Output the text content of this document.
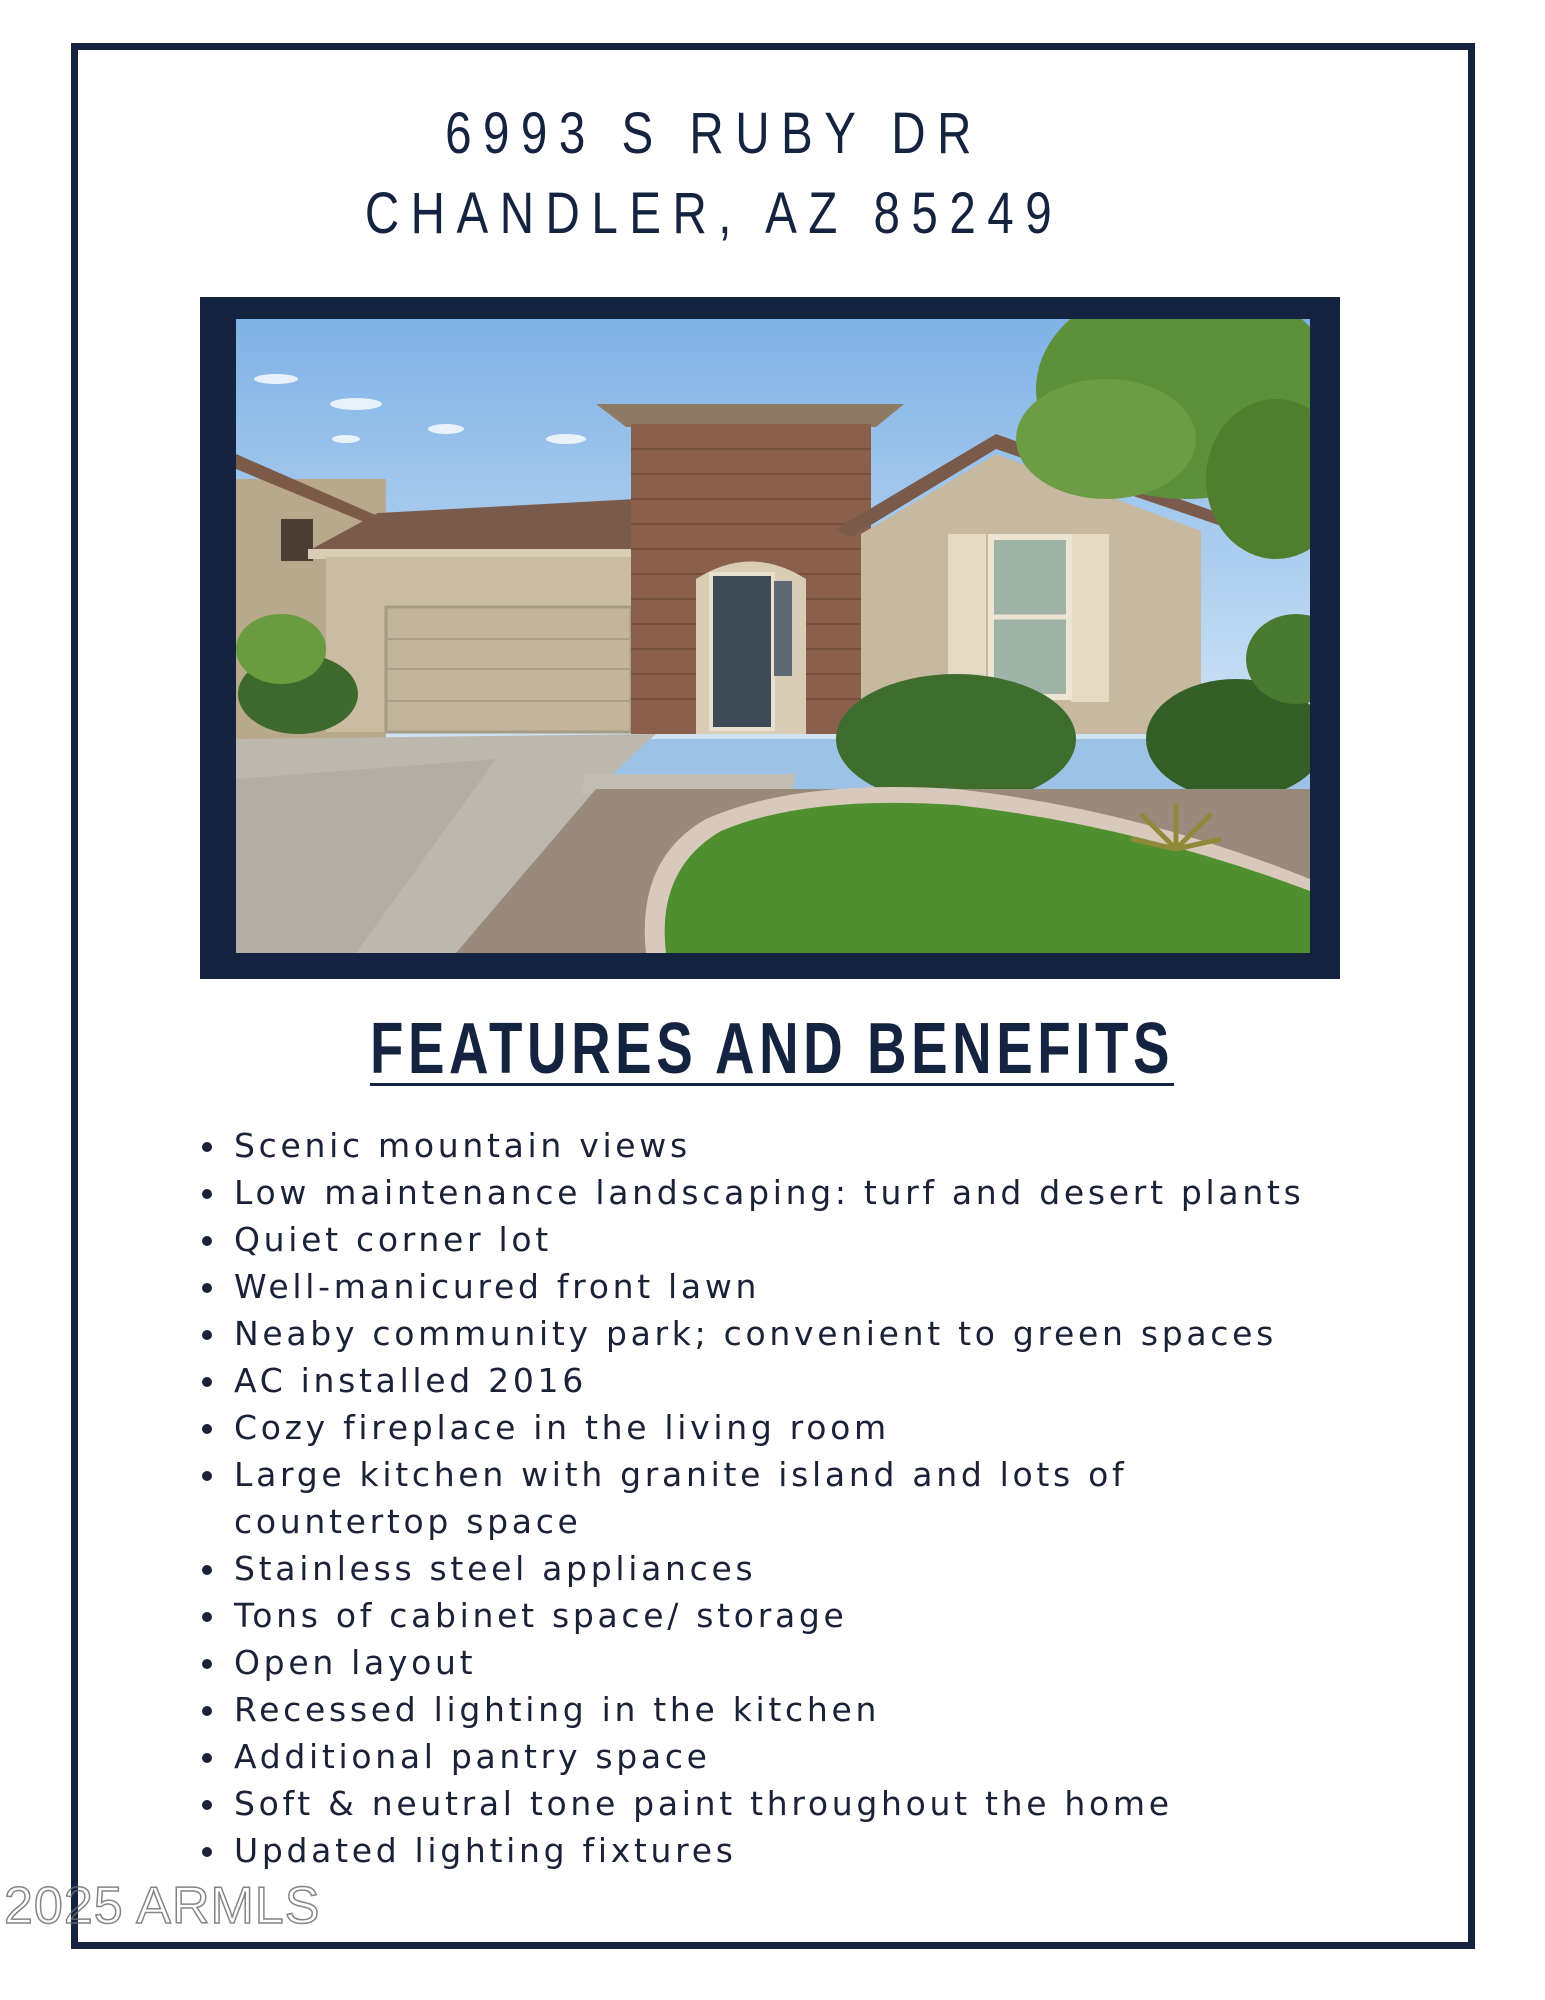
6993 S RUBY DR
CHANDLER, AZ 85249
FEATURES AND BENEFITS
Scenic mountain views
Low maintenance landscaping: turf and desert plants
Quiet corner lot
Well-manicured front lawn
Neaby community park; convenient to green spaces
AC installed 2016
Cozy fireplace in the living room
Large kitchen with granite island and lots of countertop space
Stainless steel appliances
Tons of cabinet space/ storage
Open layout
Recessed lighting in the kitchen
Additional pantry space
Soft & neutral tone paint throughout the home
Updated lighting fixtures
2025 ARMLS
